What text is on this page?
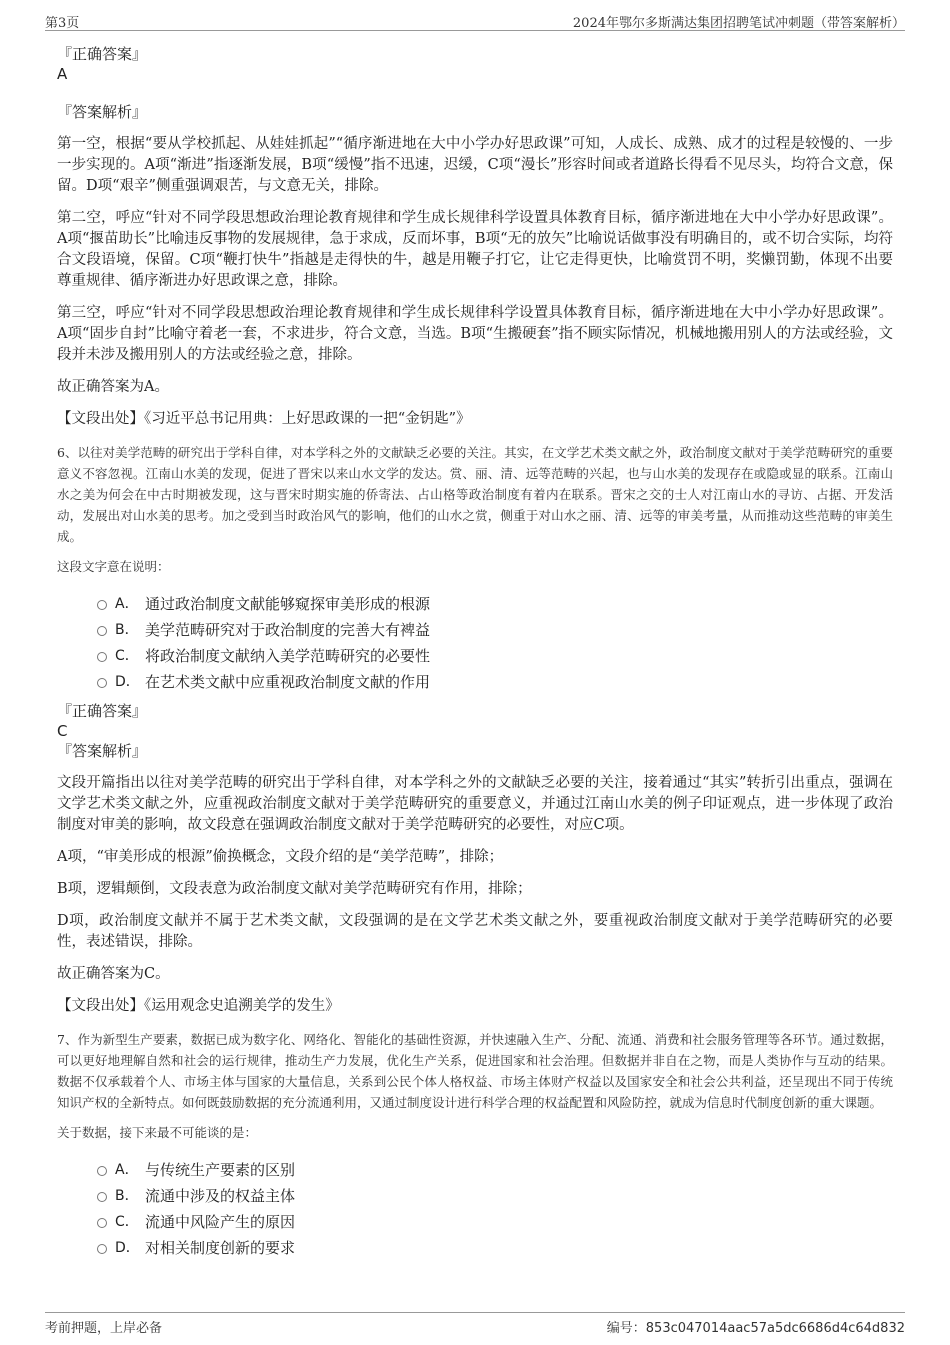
第3页	2024年鄂尔多斯满达集团招聘笔试冲刺题（带答案解析）

『正确答案』

A

『答案解析』

第一空，根据“要从学校抓起、从娃娃抓起”“循序渐进地在大中小学办好思政课”可知，人成长、成熟、成才的过程是较慢的、一步一步实现的。A项“渐进”指逐渐发展，B项“缓慢”指不迅速，迟缓，C项“漫长”形容时间或者道路长得看不见尽头，均符合文意，保留。D项“艰辛”侧重强调艰苦，与文意无关，排除。

第二空，呼应“针对不同学段思想政治理论教育规律和学生成长规律科学设置具体教育目标，循序渐进地在大中小学办好思政课”。A项“揠苗助长”比喻违反事物的发展规律，急于求成，反而坏事，B项“无的放矢”比喻说话做事没有明确目的，或不切合实际，均符合文段语境，保留。C项“鞭打快牛”指越是走得快的牛，越是用鞭子打它，让它走得更快，比喻赏罚不明，奖懒罚勤，体现不出要尊重规律、循序渐进办好思政课之意，排除。

第三空，呼应“针对不同学段思想政治理论教育规律和学生成长规律科学设置具体教育目标，循序渐进地在大中小学办好思政课”。A项“固步自封”比喻守着老一套，不求进步，符合文意，当选。B项“生搬硬套”指不顾实际情况，机械地搬用别人的方法或经验，文段并未涉及搬用别人的方法或经验之意，排除。

故正确答案为A。

【文段出处】《习近平总书记用典：上好思政课的一把“金钥匙”》

6、以往对美学范畴的研究出于学科自律，对本学科之外的文献缺乏必要的关注。其实，在文学艺术类文献之外，政治制度文献对于美学范畴研究的重要意义不容忽视。江南山水美的发现，促进了晋宋以来山水文学的发达。赏、丽、清、远等范畴的兴起，也与山水美的发现存在或隐或显的联系。江南山水之美为何会在中古时期被发现，这与晋宋时期实施的侨寄法、占山格等政治制度有着内在联系。晋宋之交的士人对江南山水的寻访、占据、开发活动，发展出对山水美的思考。加之受到当时政治风气的影响，他们的山水之赏，侧重于对山水之丽、清、远等的审美考量，从而推动这些范畴的审美生成。

这段文字意在说明：

A． 通过政治制度文献能够窥探审美形成的根源
B． 美学范畴研究对于政治制度的完善大有裨益
C． 将政治制度文献纳入美学范畴研究的必要性
D． 在艺术类文献中应重视政治制度文献的作用

『正确答案』

C

『答案解析』

文段开篇指出以往对美学范畴的研究出于学科自律，对本学科之外的文献缺乏必要的关注，接着通过“其实”转折引出重点，强调在文学艺术类文献之外，应重视政治制度文献对于美学范畴研究的重要意义，并通过江南山水美的例子印证观点，进一步体现了政治制度对审美的影响，故文段意在强调政治制度文献对于美学范畴研究的必要性，对应C项。

A项，“审美形成的根源”偷换概念，文段介绍的是“美学范畴”，排除；

B项，逻辑颠倒，文段表意为政治制度文献对美学范畴研究有作用，排除；

D项，政治制度文献并不属于艺术类文献，文段强调的是在文学艺术类文献之外，要重视政治制度文献对于美学范畴研究的必要性，表述错误，排除。

故正确答案为C。

【文段出处】《运用观念史追溯美学的发生》

7、作为新型生产要素，数据已成为数字化、网络化、智能化的基础性资源，并快速融入生产、分配、流通、消费和社会服务管理等各环节。通过数据，可以更好地理解自然和社会的运行规律，推动生产力发展，优化生产关系，促进国家和社会治理。但数据并非自在之物，而是人类协作与互动的结果。数据不仅承载着个人、市场主体与国家的大量信息，关系到公民个体人格权益、市场主体财产权益以及国家安全和社会公共利益，还呈现出不同于传统知识产权的全新特点。如何既鼓励数据的充分流通利用，又通过制度设计进行科学合理的权益配置和风险防控，就成为信息时代制度创新的重大课题。

关于数据，接下来最不可能谈的是：

A． 与传统生产要素的区别
B． 流通中涉及的权益主体
C． 流通中风险产生的原因
D． 对相关制度创新的要求
考前押题，上岸必备	编号：853c047014aac57a5dc6686d4c64d832
